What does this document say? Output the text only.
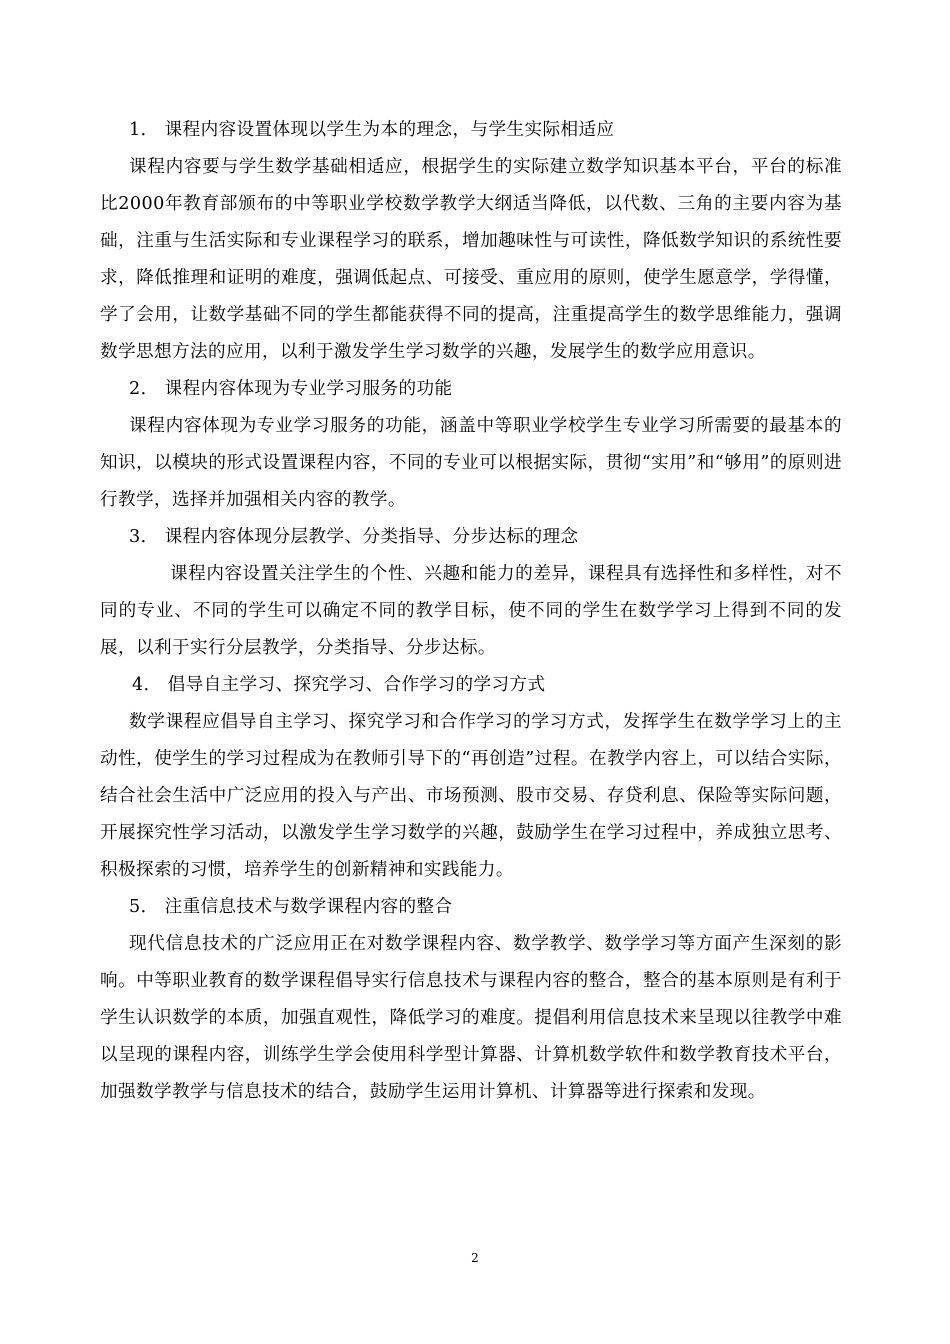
1． 课程内容设置体现以学生为本的理念，与学生实际相适应

课程内容要与学生数学基础相适应，根据学生的实际建立数学知识基本平台，平台的标准比2000年教育部颁布的中等职业学校数学教学大纲适当降低，以代数、三角的主要内容为基础，注重与生活实际和专业课程学习的联系，增加趣味性与可读性，降低数学知识的系统性要求，降低推理和证明的难度，强调低起点、可接受、重应用的原则，使学生愿意学，学得懂，学了会用，让数学基础不同的学生都能获得不同的提高，注重提高学生的数学思维能力，强调数学思想方法的应用，以利于激发学生学习数学的兴趣，发展学生的数学应用意识。

2． 课程内容体现为专业学习服务的功能

课程内容体现为专业学习服务的功能，涵盖中等职业学校学生专业学习所需要的最基本的知识，以模块的形式设置课程内容，不同的专业可以根据实际，贯彻“实用”和“够用”的原则进行教学，选择并加强相关内容的教学。

3． 课程内容体现分层教学、分类指导、分步达标的理念

课程内容设置关注学生的个性、兴趣和能力的差异，课程具有选择性和多样性，对不同的专业、不同的学生可以确定不同的教学目标，使不同的学生在数学学习上得到不同的发展，以利于实行分层教学，分类指导、分步达标。

4． 倡导自主学习、探究学习、合作学习的学习方式

数学课程应倡导自主学习、探究学习和合作学习的学习方式，发挥学生在数学学习上的主动性，使学生的学习过程成为在教师引导下的“再创造”过程。在教学内容上，可以结合实际，结合社会生活中广泛应用的投入与产出、市场预测、股市交易、存贷利息、保险等实际问题，开展探究性学习活动，以激发学生学习数学的兴趣，鼓励学生在学习过程中，养成独立思考、积极探索的习惯，培养学生的创新精神和实践能力。

5． 注重信息技术与数学课程内容的整合

现代信息技术的广泛应用正在对数学课程内容、数学教学、数学学习等方面产生深刻的影响。中等职业教育的数学课程倡导实行信息技术与课程内容的整合，整合的基本原则是有利于学生认识数学的本质，加强直观性，降低学习的难度。提倡利用信息技术来呈现以往教学中难以呈现的课程内容，训练学生学会使用科学型计算器、计算机数学软件和数学教育技术平台，加强数学教学与信息技术的结合，鼓励学生运用计算机、计算器等进行探索和发现。

2
